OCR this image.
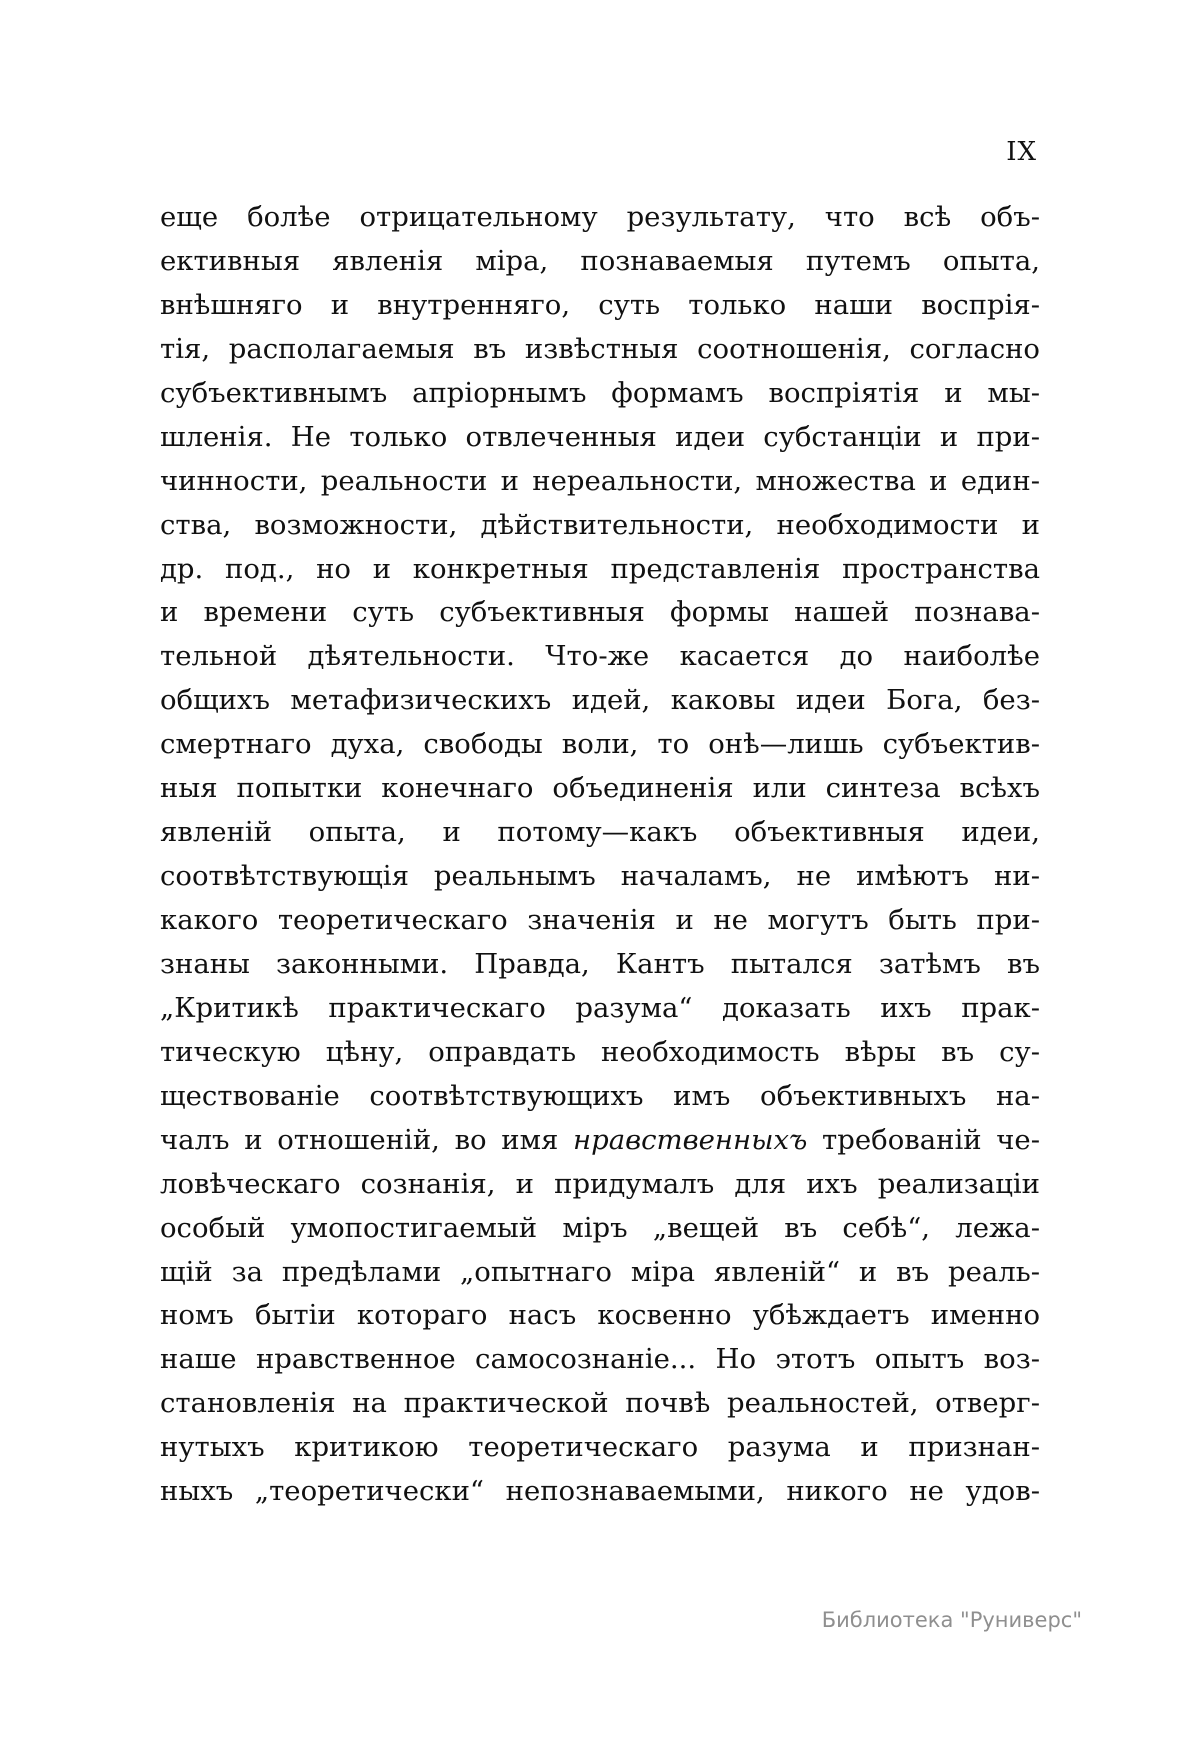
IX

еще болѣе отрицательному результату, что всѣ объ-
ективныя явленія міра, познаваемыя путемъ опыта,
внѣшняго и внутренняго, суть только наши воспрія-
тія, располагаемыя въ извѣстныя соотношенія, согласно
субъективнымъ апріорнымъ формамъ воспріятія и мы-
шленія. Не только отвлеченныя идеи субстанціи и при-
чинности, реальности и нереальности, множества и един-
ства, возможности, дѣйствительности, необходимости и
др. под., но и конкретныя представленія пространства
и времени суть субъективныя формы нашей познава-
тельной дѣятельности. Что-же касается до наиболѣе
общихъ метафизическихъ идей, каковы идеи Бога, без-
смертнаго духа, свободы воли, то онѣ—лишь субъектив-
ныя попытки конечнаго объединенія или синтеза всѣхъ
явленій опыта, и потому—какъ объективныя идеи,
соотвѣтствующія реальнымъ началамъ, не имѣютъ ни-
какого теоретическаго значенія и не могутъ быть при-
знаны законными. Правда, Кантъ пытался затѣмъ въ
„Критикѣ практическаго разума“ доказать ихъ прак-
тическую цѣну, оправдать необходимость вѣры въ су-
ществованіе соотвѣтствующихъ имъ объективныхъ на-
чалъ и отношеній, во имя нравственныхъ требованій че-
ловѣческаго сознанія, и придумалъ для ихъ реализаціи
особый умопостигаемый міръ „вещей въ себѣ“, лежа-
щій за предѣлами „опытнаго міра явленій“ и въ реаль-
номъ бытіи котораго насъ косвенно убѣждаетъ именно
наше нравственное самосознаніе... Но этотъ опытъ воз-
становленія на практической почвѣ реальностей, отверг-
нутыхъ критикою теоретическаго разума и признан-
ныхъ „теоретически“ непознаваемыми, никого не удов-

Библиотека "Руниверс"
